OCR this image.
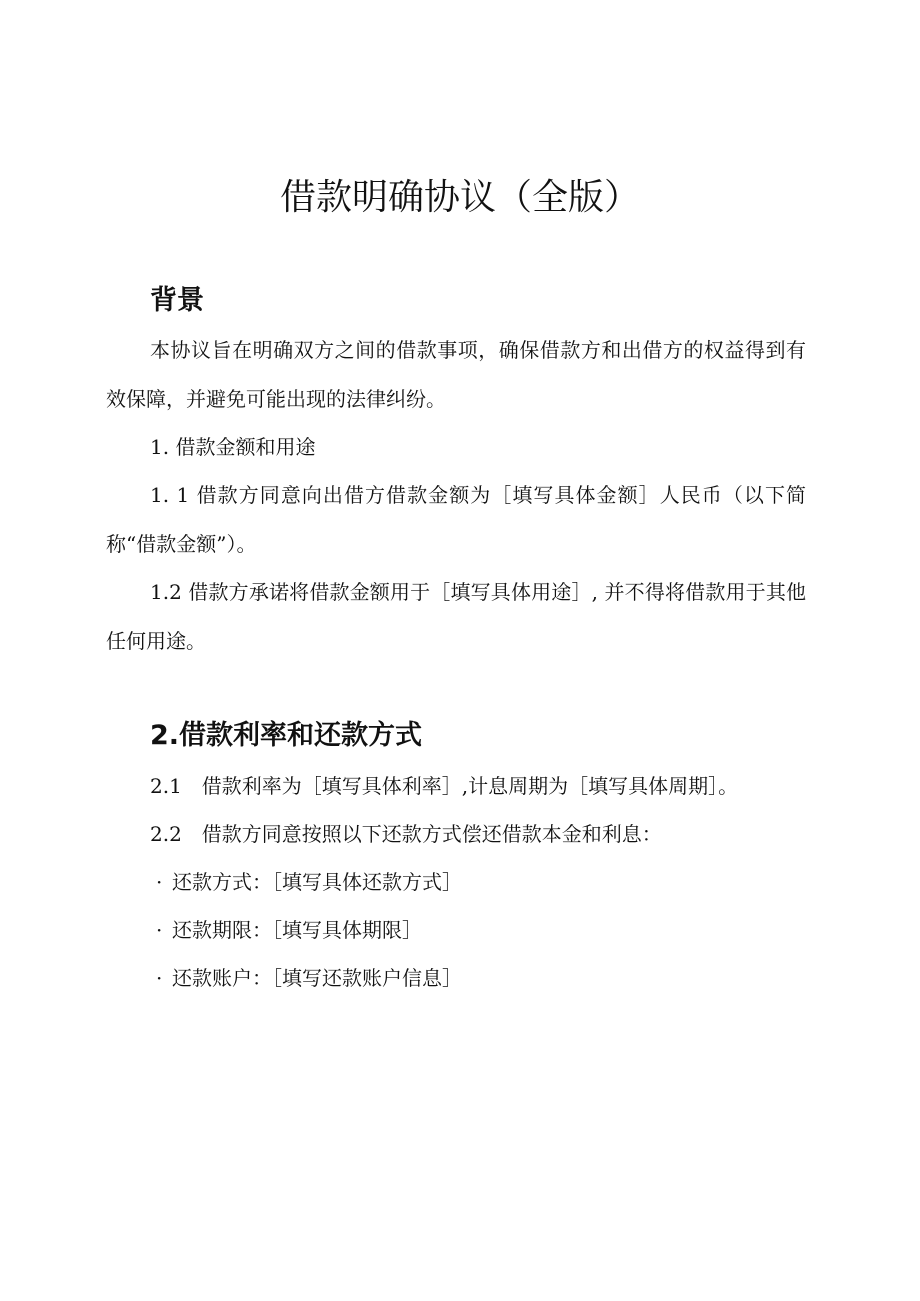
借款明确协议（全版）
背景

本协议旨在明确双方之间的借款事项，确保借款方和出借方的权益得到有效保障，并避免可能出现的法律纠纷。

1. 借款金额和用途

1. 1 借款方同意向出借方借款金额为［填写具体金额］人民币（以下简称“借款金额”）。

1.2 借款方承诺将借款金额用于［填写具体用途］, 并不得将借款用于其他任何用途。

2.借款利率和还款方式

2.1　借款利率为［填写具体利率］,计息周期为［填写具体周期］。

2.2　借款方同意按照以下还款方式偿还借款本金和利息：

· 还款方式：［填写具体还款方式］

· 还款期限：［填写具体期限］

· 还款账户：［填写还款账户信息］
